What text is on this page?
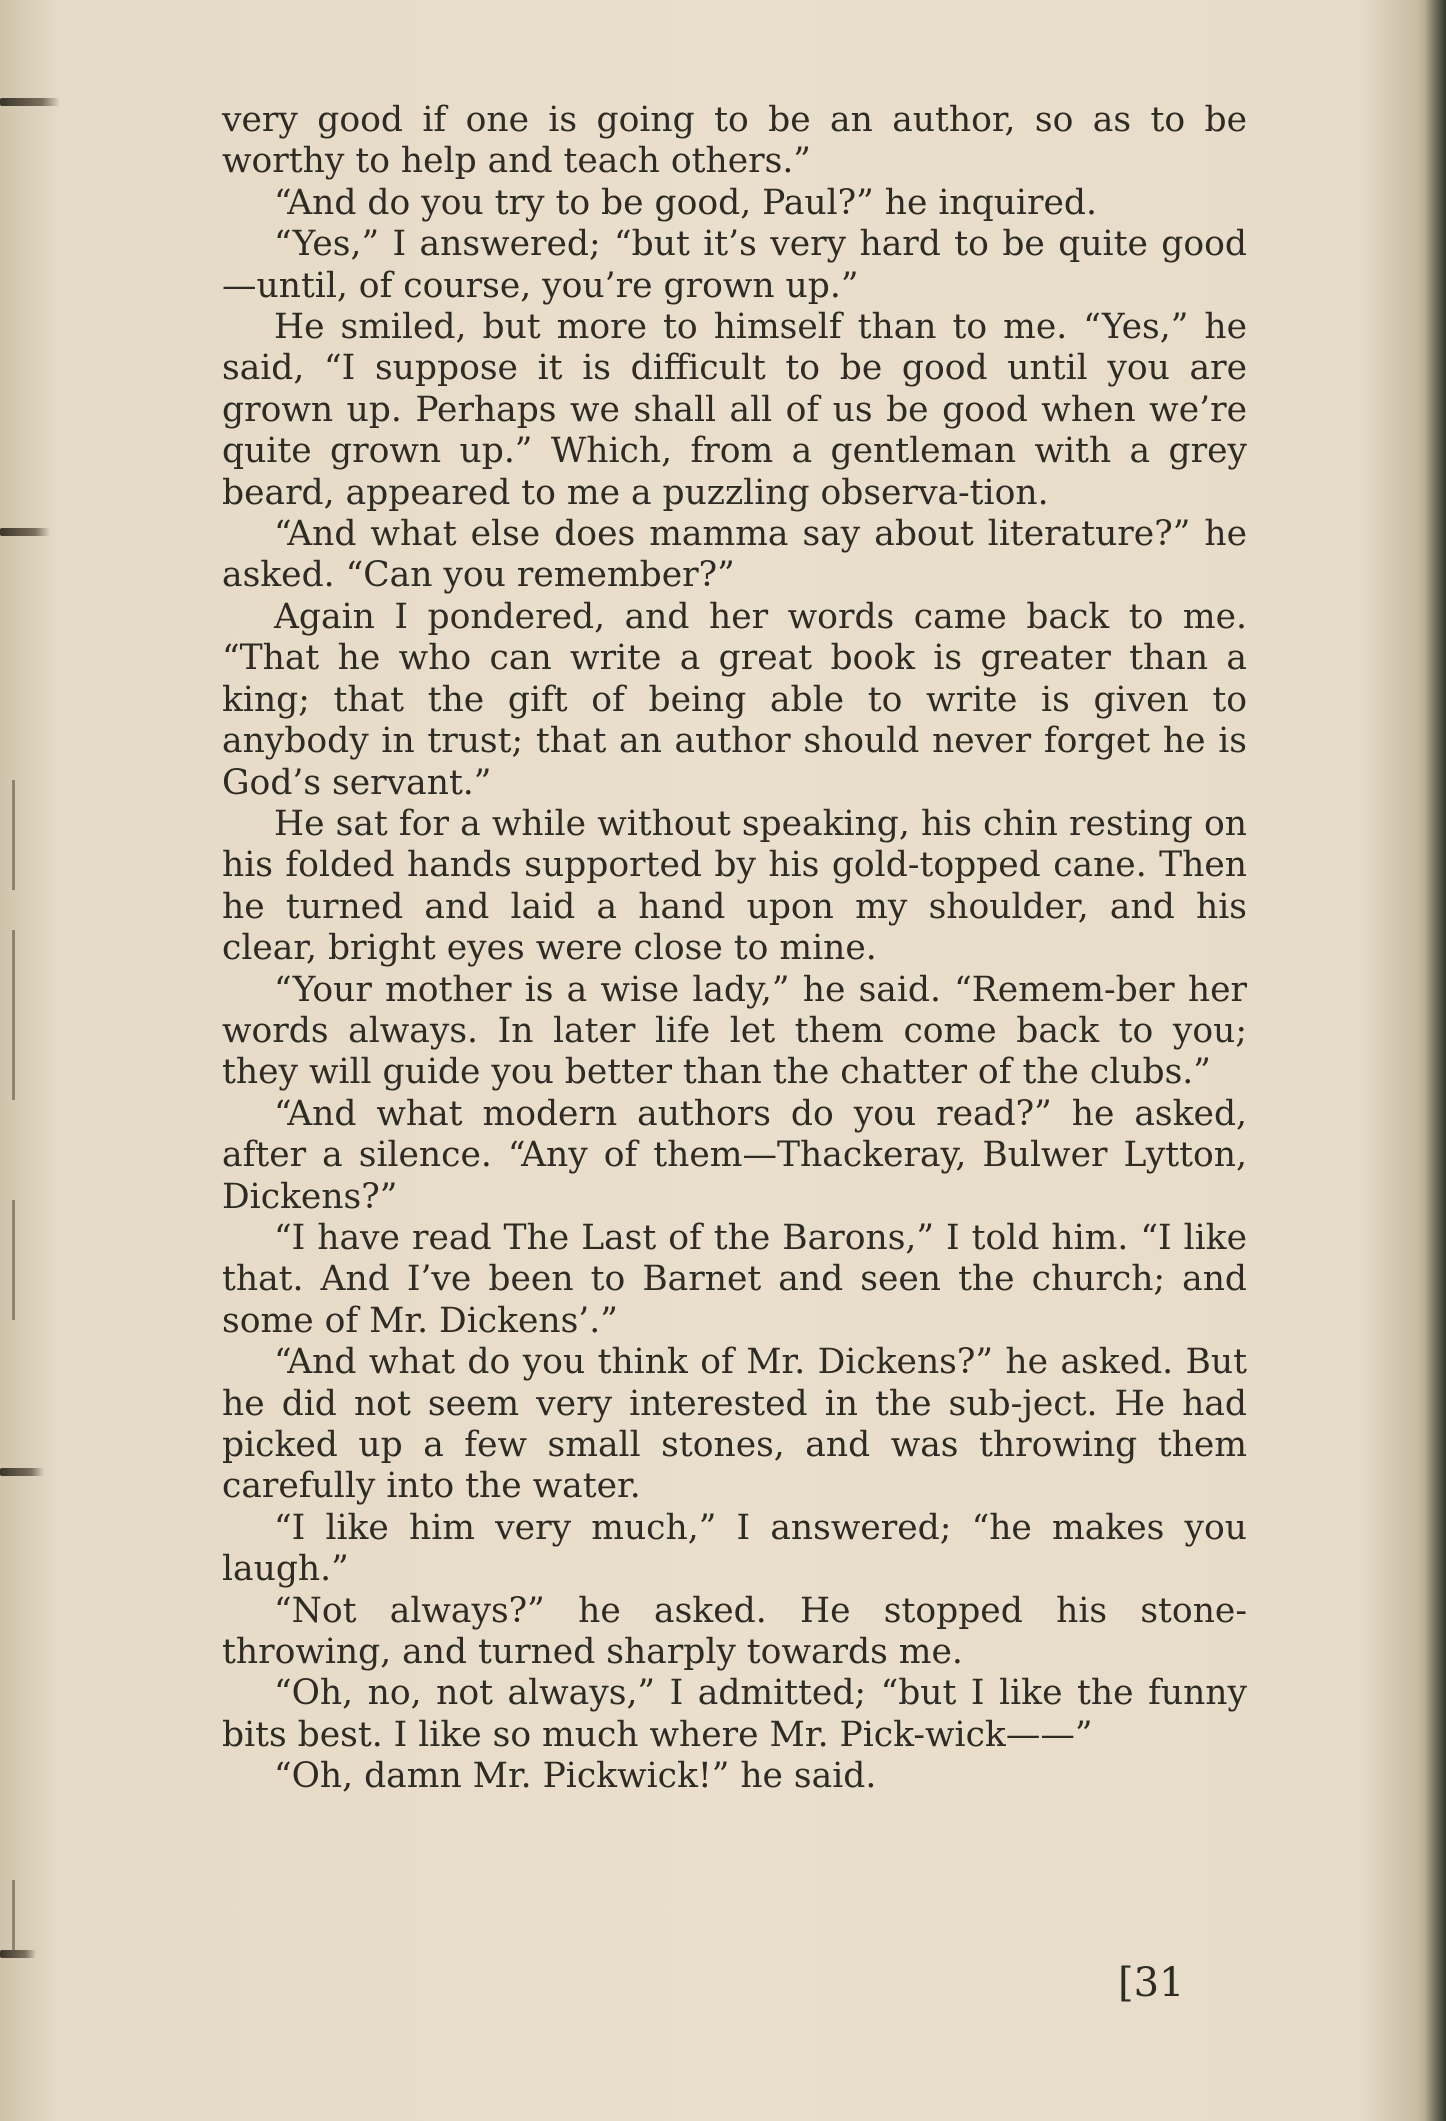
very good if one is going to be an author, so as to be worthy to help and teach others.”

“And do you try to be good, Paul?” he inquired.

“Yes,” I answered; “but it’s very hard to be quite good—until, of course, you’re grown up.”

He smiled, but more to himself than to me. “Yes,” he said, “I suppose it is difficult to be good until you are grown up. Perhaps we shall all of us be good when we’re quite grown up.” Which, from a gentleman with a grey beard, appeared to me a puzzling observa-tion.

“And what else does mamma say about literature?” he asked. “Can you remember?”

Again I pondered, and her words came back to me. “That he who can write a great book is greater than a king; that the gift of being able to write is given to anybody in trust; that an author should never forget he is God’s servant.”

He sat for a while without speaking, his chin resting on his folded hands supported by his gold-topped cane. Then he turned and laid a hand upon my shoulder, and his clear, bright eyes were close to mine.

“Your mother is a wise lady,” he said. “Remem-ber her words always. In later life let them come back to you; they will guide you better than the chatter of the clubs.”

“And what modern authors do you read?” he asked, after a silence. “Any of them—Thackeray, Bulwer Lytton, Dickens?”

“I have read The Last of the Barons,” I told him. “I like that. And I’ve been to Barnet and seen the church; and some of Mr. Dickens’.”

“And what do you think of Mr. Dickens?” he asked. But he did not seem very interested in the sub-ject. He had picked up a few small stones, and was throwing them carefully into the water.

“I like him very much,” I answered; “he makes you laugh.”

“Not always?” he asked. He stopped his stone-throwing, and turned sharply towards me.

“Oh, no, not always,” I admitted; “but I like the funny bits best. I like so much where Mr. Pick-wick——”

“Oh, damn Mr. Pickwick!” he said.

[31
